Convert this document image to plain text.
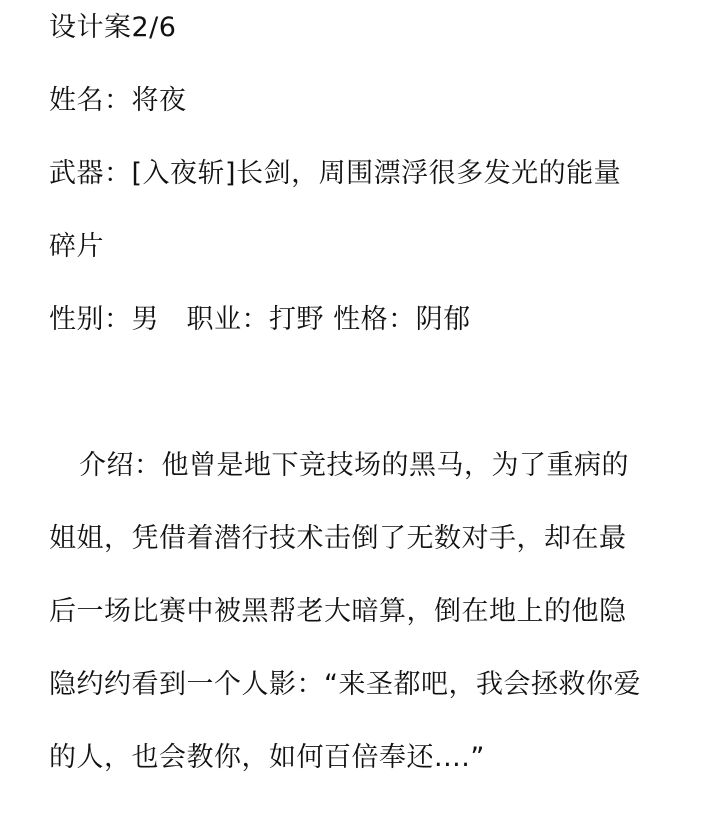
设计案2/6
姓名：将夜
武器：[入夜斩]长剑，周围漂浮很多发光的能量
碎片
性别：男　职业：打野 性格：阴郁
介绍：他曾是地下竞技场的黑马，为了重病的
姐姐，凭借着潜行技术击倒了无数对手，却在最
后一场比赛中被黑帮老大暗算，倒在地上的他隐
隐约约看到一个人影：“来圣都吧，我会拯救你爱
的人，也会教你，如何百倍奉还....”
